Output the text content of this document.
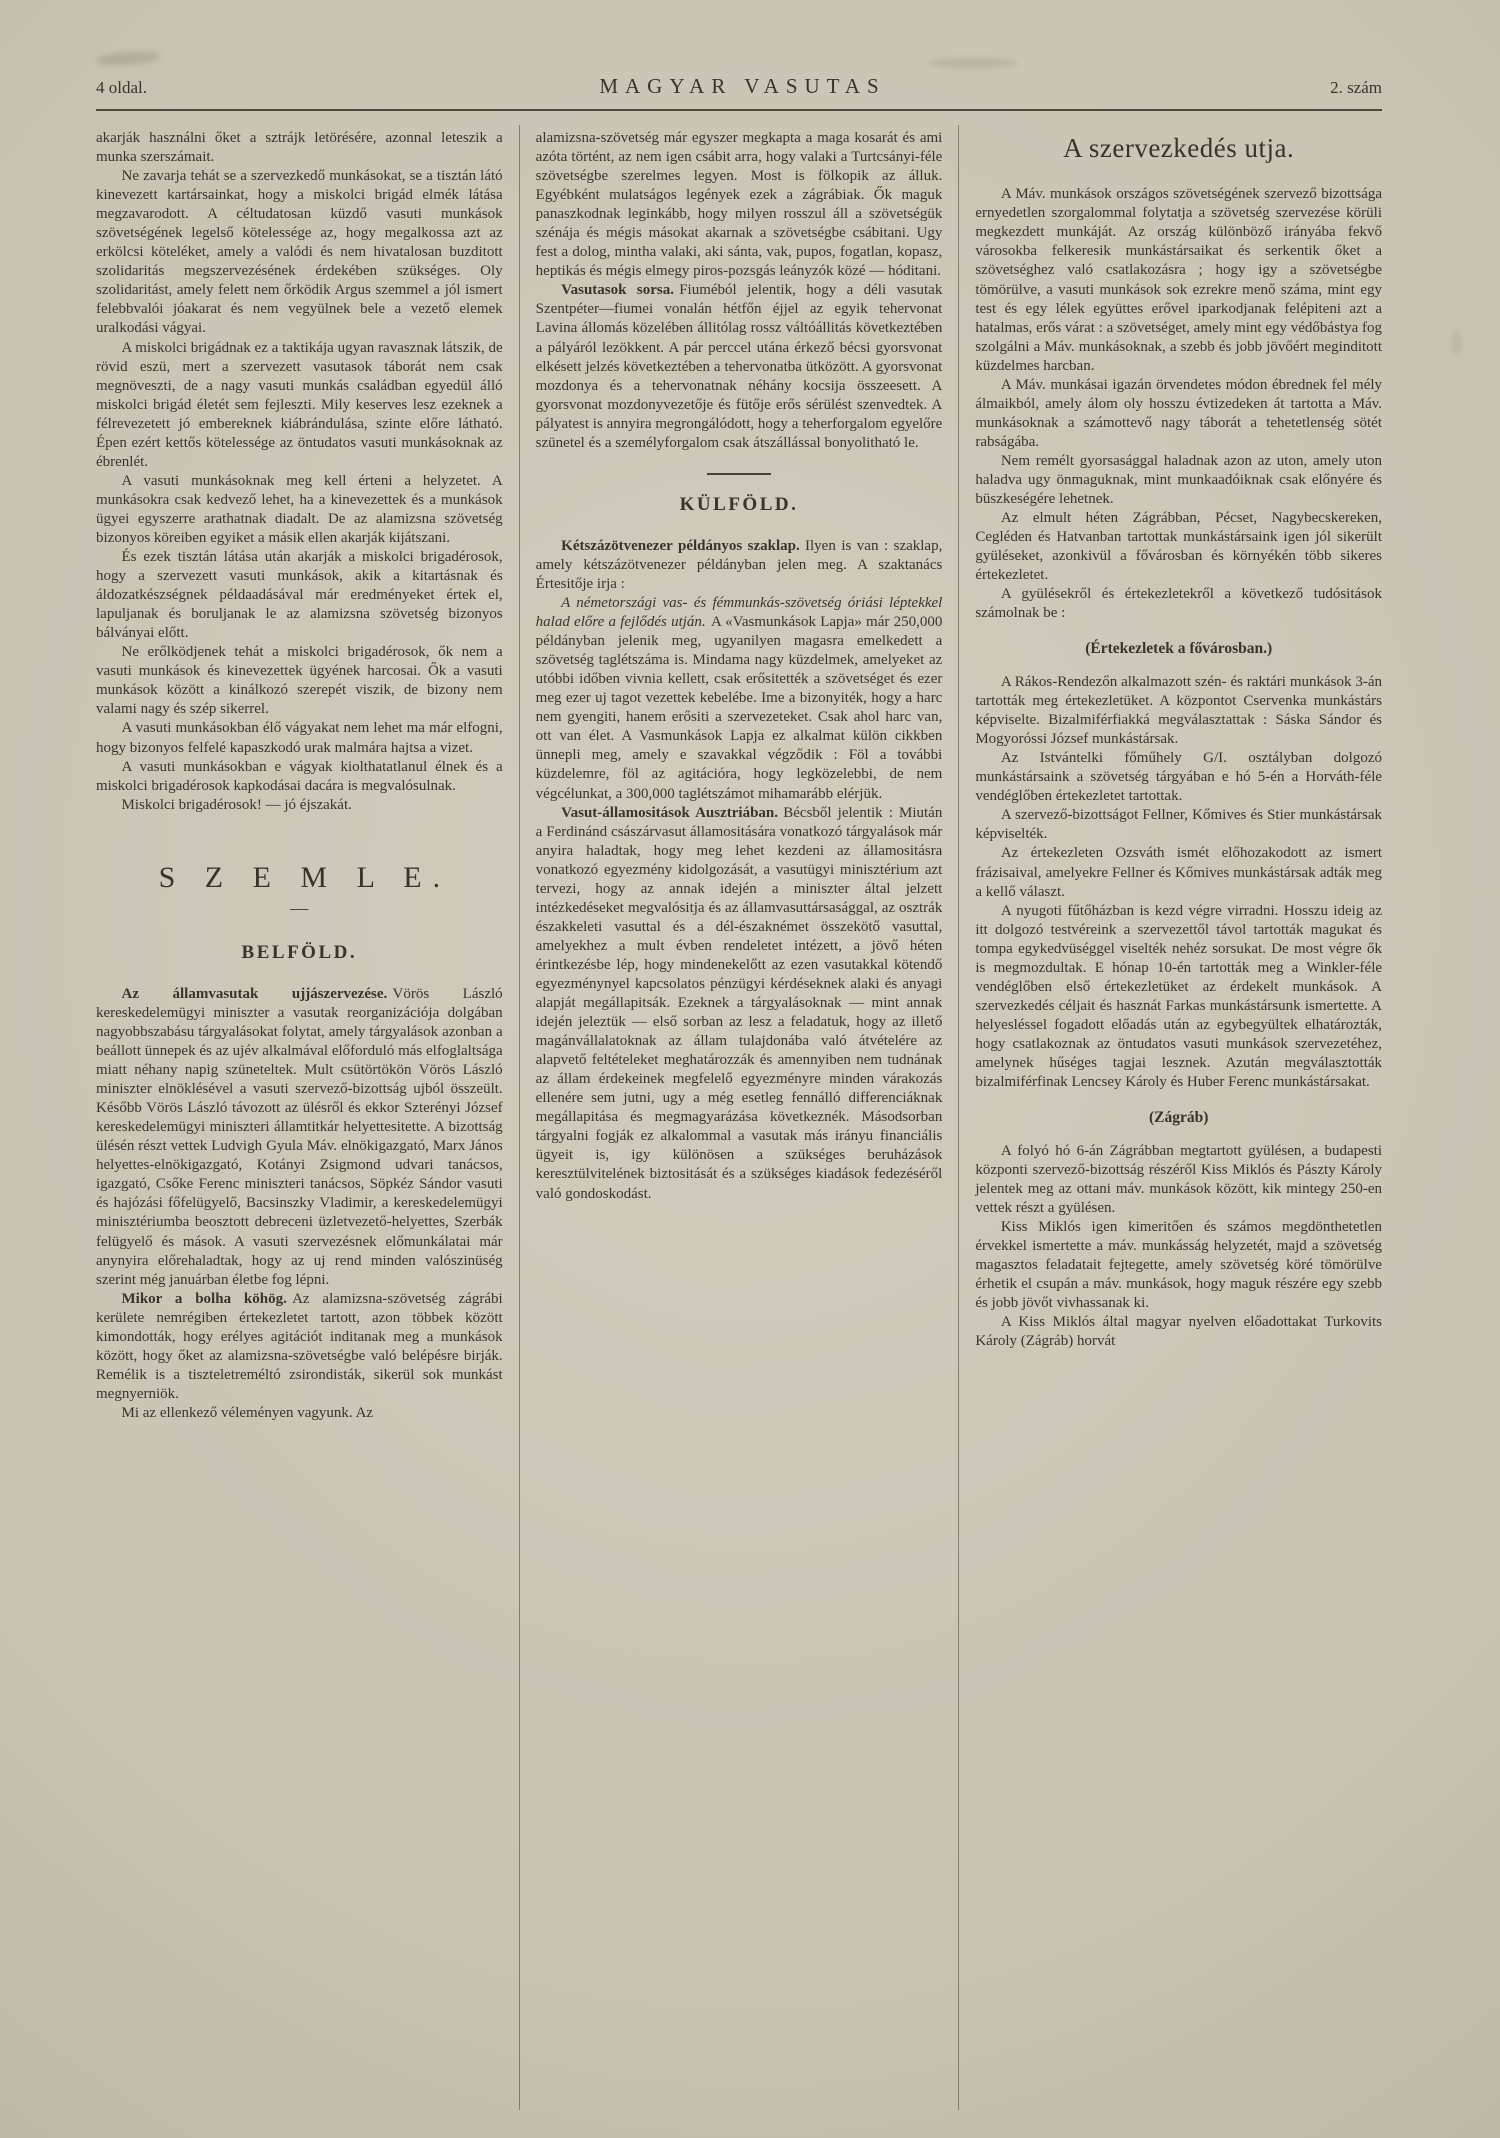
4 oldal.	MAGYAR VASUTAS	2. szám

akarják használni őket a sztrájk letörésére, azonnal leteszik a munka szerszámait.

Ne zavarja tehát se a szervezkedő munkásokat, se a tisztán látó kinevezett kartársainkat, hogy a miskolci brigád elmék látása megzavarodott. A céltudatosan küzdő vasuti munkások szövetségének legelső kötelessége az, hogy megalkossa azt az erkölcsi köteléket, amely a valódi és nem hivatalosan buzditott szolidaritás megszervezésének érdekében szükséges. Oly szolidaritást, amely felett nem őrködik Argus szemmel a jól ismert felebbvalói jóakarat és nem vegyülnek bele a vezető elemek uralkodási vágyai.

A miskolci brigádnak ez a taktikája ugyan ravasznak látszik, de rövid eszü, mert a szervezett vasutasok táborát nem csak megnöveszti, de a nagy vasuti munkás családban egyedül álló miskolci brigád életét sem fejleszti. Mily keserves lesz ezeknek a félrevezetett jó embereknek kiábrándulása, szinte előre látható. Épen ezért kettős kötelessége az öntudatos vasuti munkásoknak az ébrenlét.

A vasuti munkásoknak meg kell érteni a helyzetet. A munkásokra csak kedvező lehet, ha a kinevezettek és a munkások ügyei egyszerre arathatnak diadalt. De az alamizsna szövetség bizonyos köreiben egyiket a másik ellen akarják kijátszani.

És ezek tisztán látása után akarják a miskolci brigadérosok, hogy a szervezett vasuti munkások, akik a kitartásnak és áldozatkészségnek példaadásával már eredményeket értek el, lapuljanak és boruljanak le az alamizsna szövetség bizonyos bálványai előtt.

Ne erőlködjenek tehát a miskolci brigadérosok, ők nem a vasuti munkások és kinevezettek ügyének harcosai. Ők a vasuti munkások között a kinálkozó szerepét viszik, de bizony nem valami nagy és szép sikerrel.

A vasuti munkásokban élő vágyakat nem lehet ma már elfogni, hogy bizonyos felfelé kapaszkodó urak malmára hajtsa a vizet.

A vasuti munkásokban e vágyak kiolthatatlanul élnek és a miskolci brigadérosok kapkodásai dacára is megvalósulnak.

Miskolci brigadérosok! — jó éjszakát.

S Z E M L E.
—
BELFÖLD.

Az államvasutak ujjászervezése. Vörös László kereskedelemügyi miniszter a vasutak reorganizációja dolgában nagyobbszabásu tárgyalásokat folytat, amely tárgyalások azonban a beállott ünnepek és az ujév alkalmával előforduló más elfoglaltsága miatt néhany napig szüneteltek. Mult csütörtökön Vörös László miniszter elnöklésével a vasuti szervező-bizottság ujból összeült. Később Vörös László távozott az ülésről és ekkor Szterényi József kereskedelemügyi miniszteri államtitkár helyettesitette. A bizottság ülésén részt vettek Ludvigh Gyula Máv. elnökigazgató, Marx János helyettes-elnökigazgató, Kotányi Zsigmond udvari tanácsos, igazgató, Csőke Ferenc miniszteri tanácsos, Söpkéz Sándor vasuti és hajózási főfelügyelő, Bacsinszky Vladimir, a kereskedelemügyi minisztériumba beosztott debreceni üzletvezető-helyettes, Szerbák felügyelő és mások. A vasuti szervezésnek előmunkálatai már anynyira előrehaladtak, hogy az uj rend minden valószinüség szerint még januárban életbe fog lépni.

Mikor a bolha köhög. Az alamizsna-szövetség zágrábi kerülete nemrégiben értekezletet tartott, azon többek között kimondották, hogy erélyes agitációt inditanak meg a munkások között, hogy őket az alamizsna-szövetségbe való belépésre birják. Remélik is a tiszteletreméltó zsirondisták, sikerül sok munkást megnyerniök.

Mi az ellenkező véleményen vagyunk. Az

alamizsna-szövetség már egyszer megkapta a maga kosarát és ami azóta történt, az nem igen csábit arra, hogy valaki a Turtcsányi-féle szövetségbe szerelmes legyen. Most is fölkopik az álluk. Egyébként mulatságos legények ezek a zágrábiak. Ők maguk panaszkodnak leginkább, hogy milyen rosszul áll a szövetségük szénája és mégis másokat akarnak a szövetségbe csábitani. Ugy fest a dolog, mintha valaki, aki sánta, vak, pupos, fogatlan, kopasz, heptikás és mégis elmegy piros-pozsgás leányzók közé — hóditani.

Vasutasok sorsa. Fiuméból jelentik, hogy a déli vasutak Szentpéter—fiumei vonalán hétfőn éjjel az egyik tehervonat Lavina állomás közelében állitólag rossz váltóállitás következtében a pályáról lezökkent. A pár perccel utána érkező bécsi gyorsvonat elkésett jelzés következtében a tehervonatba ütközött. A gyorsvonat mozdonya és a tehervonatnak néhány kocsija összeesett. A gyorsvonat mozdonyvezetője és fütője erős sérülést szenvedtek. A pályatest is annyira megrongálódott, hogy a teherforgalom egyelőre szünetel és a személyforgalom csak átszállással bonyolitható le.

KÜLFÖLD.

Kétszázötvenezer példányos szaklap. Ilyen is van : szaklap, amely kétszázötvenezer példányban jelen meg. A szaktanács Értesitője irja :

A németországi vas- és fémmunkás-szövetség óriási léptekkel halad előre a fejlődés utján. A «Vasmunkások Lapja» már 250,000 példányban jelenik meg, ugyanilyen magasra emelkedett a szövetség taglétszáma is. Mindama nagy küzdelmek, amelyeket az utóbbi időben vivnia kellett, csak erősitették a szövetséget és ezer meg ezer uj tagot vezettek kebelébe. Ime a bizonyiték, hogy a harc nem gyengiti, hanem erősiti a szervezeteket. Csak ahol harc van, ott van élet. A Vasmunkások Lapja ez alkalmat külön cikkben ünnepli meg, amely e szavakkal végződik : Föl a további küzdelemre, föl az agitációra, hogy legközelebbi, de nem végcélunkat, a 300,000 taglétszámot mihamarább elérjük.

Vasut-államositások Ausztriában. Bécsből jelentik : Miután a Ferdinánd császárvasut államositására vonatkozó tárgyalások már anyira haladtak, hogy meg lehet kezdeni az államositásra vonatkozó egyezmény kidolgozását, a vasutügyi minisztérium azt tervezi, hogy az annak idején a miniszter által jelzett intézkedéseket megvalósitja és az államvasuttársasággal, az osztrák északkeleti vasuttal és a dél-északnémet összekötő vasuttal, amelyekhez a mult évben rendeletet intézett, a jövő héten érintkezésbe lép, hogy mindenekelőtt az ezen vasutakkal kötendő egyezménynyel kapcsolatos pénzügyi kérdéseknek alaki és anyagi alapját megállapitsák. Ezeknek a tárgyalásoknak — mint annak idején jeleztük — első sorban az lesz a feladatuk, hogy az illető magánvállalatoknak az állam tulajdonába való átvételére az alapvető feltételeket meghatározzák és amennyiben nem tudnának az állam érdekeinek megfelelő egyezményre minden várakozás ellenére sem jutni, ugy a még esetleg fennálló differenciáknak megállapitása és megmagyarázása következnék. Másodsorban tárgyalni fogják ez alkalommal a vasutak más irányu financiális ügyeit is, igy különösen a szükséges beruházások keresztülvitelének biztositását és a szükséges kiadások fedezéséről való gondoskodást.

A szervezkedés utja.

A Máv. munkások országos szövetségének szervező bizottsága ernyedetlen szorgalommal folytatja a szövetség szervezése körüli megkezdett munkáját. Az ország különböző irányába fekvő városokba felkeresik munkástársaikat és serkentik őket a szövetséghez való csatlakozásra ; hogy igy a szövetségbe tömörülve, a vasuti munkások sok ezrekre menő száma, mint egy test és egy lélek együttes erővel iparkodjanak felépiteni azt a hatalmas, erős várat : a szövetséget, amely mint egy védőbástya fog szolgálni a Máv. munkásoknak, a szebb és jobb jövőért meginditott küzdelmes harcban.

A Máv. munkásai igazán örvendetes módon ébrednek fel mély álmaikból, amely álom oly hosszu évtizedeken át tartotta a Máv. munkásoknak a számottevő nagy táborát a tehetetlenség sötét rabságába.

Nem remélt gyorsasággal haladnak azon az uton, amely uton haladva ugy önmaguknak, mint munkaadóiknak csak előnyére és büszkeségére lehetnek.

Az elmult héten Zágrábban, Pécset, Nagybecskereken, Cegléden és Hatvanban tartottak munkástársaink igen jól sikerült gyüléseket, azonkivül a fővárosban és környékén több sikeres értekezletet.

A gyülésekről és értekezletekről a következő tudósitások számolnak be :

(Értekezletek a fővárosban.)

A Rákos-Rendezőn alkalmazott szén- és raktári munkások 3-án tartották meg értekezletüket. A központot Cservenka munkástárs képviselte. Bizalmiférfiakká megválasztattak : Sáska Sándor és Mogyoróssi József munkástársak.

Az Istvántelki főműhely G/I. osztályban dolgozó munkástársaink a szövetség tárgyában e hó 5-én a Horváth-féle vendéglőben értekezletet tartottak.

A szervező-bizottságot Fellner, Kőmives és Stier munkástársak képviselték.

Az értekezleten Ozsváth ismét előhozakodott az ismert frázisaival, amelyekre Fellner és Kőmives munkástársak adták meg a kellő választ.

A nyugoti fűtőházban is kezd végre virradni. Hosszu ideig az itt dolgozó testvéreink a szervezettől távol tartották magukat és tompa egykedvüséggel viselték nehéz sorsukat. De most végre ők is megmozdultak. E hónap 10-én tartották meg a Winkler-féle vendéglőben első értekezletüket az érdekelt munkások. A szervezkedés céljait és hasznát Farkas munkástársunk ismertette. A helyesléssel fogadott előadás után az egybegyültek elhatározták, hogy csatlakoznak az öntudatos vasuti munkások szervezetéhez, amelynek hűséges tagjai lesznek. Azután megválasztották bizalmiférfinak Lencsey Károly és Huber Ferenc munkástársakat.

(Zágráb)

A folyó hó 6-án Zágrábban megtartott gyülésen, a budapesti központi szervező-bizottság részéről Kiss Miklós és Pászty Károly jelentek meg az ottani máv. munkások között, kik mintegy 250-en vettek részt a gyülésen.

Kiss Miklós igen kimeritően és számos megdönthetetlen érvekkel ismertette a máv. munkásság helyzetét, majd a szövetség magasztos feladatait fejtegette, amely szövetség köré tömörülve érhetik el csupán a máv. munkások, hogy maguk részére egy szebb és jobb jövőt vivhassanak ki.

A Kiss Miklós által magyar nyelven előadottakat Turkovits Károly (Zágráb) horvát
